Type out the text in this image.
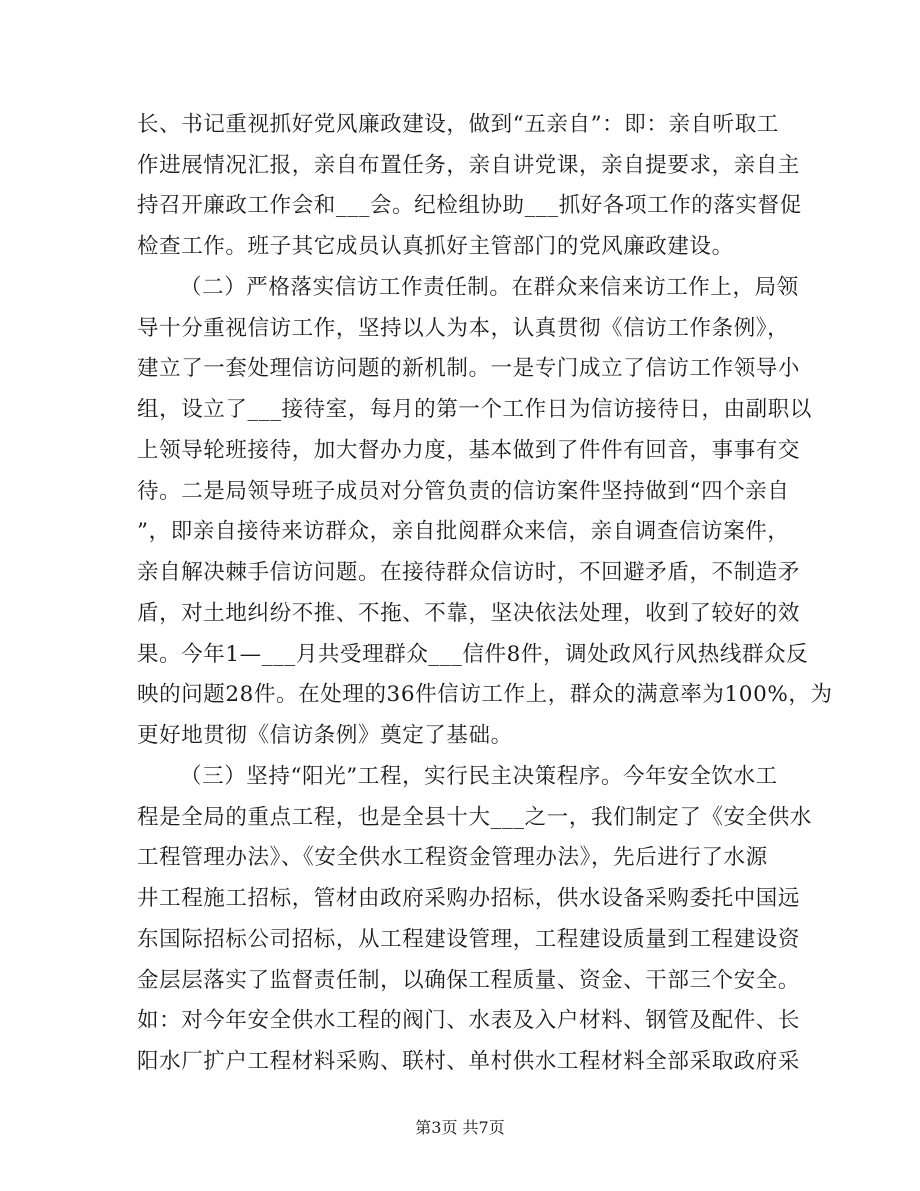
长、书记重视抓好党风廉政建设，做到“五亲自”：即：亲自听取工
作进展情况汇报，亲自布置任务，亲自讲党课，亲自提要求，亲自主
持召开廉政工作会和___会。纪检组协助___抓好各项工作的落实督促
检查工作。班子其它成员认真抓好主管部门的党风廉政建设。
（二）严格落实信访工作责任制。在群众来信来访工作上，局领
导十分重视信访工作，坚持以人为本，认真贯彻《信访工作条例》，
建立了一套处理信访问题的新机制。一是专门成立了信访工作领导小
组，设立了___接待室，每月的第一个工作日为信访接待日，由副职以
上领导轮班接待，加大督办力度，基本做到了件件有回音，事事有交
待。二是局领导班子成员对分管负责的信访案件坚持做到“四个亲自
”，即亲自接待来访群众，亲自批阅群众来信，亲自调查信访案件，
亲自解决棘手信访问题。在接待群众信访时，不回避矛盾，不制造矛
盾，对土地纠纷不推、不拖、不靠，坚决依法处理，收到了较好的效
果。今年1—___月共受理群众___信件8件，调处政风行风热线群众反
映的问题28件。在处理的36件信访工作上，群众的满意率为100%，为
更好地贯彻《信访条例》奠定了基础。
（三）坚持“阳光”工程，实行民主决策程序。今年安全饮水工
程是全局的重点工程，也是全县十大___之一，我们制定了《安全供水
工程管理办法》、《安全供水工程资金管理办法》，先后进行了水源
井工程施工招标，管材由政府采购办招标，供水设备采购委托中国远
东国际招标公司招标，从工程建设管理，工程建设质量到工程建设资
金层层落实了监督责任制，以确保工程质量、资金、干部三个安全。
如：对今年安全供水工程的阀门、水表及入户材料、钢管及配件、长
阳水厂扩户工程材料采购、联村、单村供水工程材料全部采取政府采
第3页 共7页
